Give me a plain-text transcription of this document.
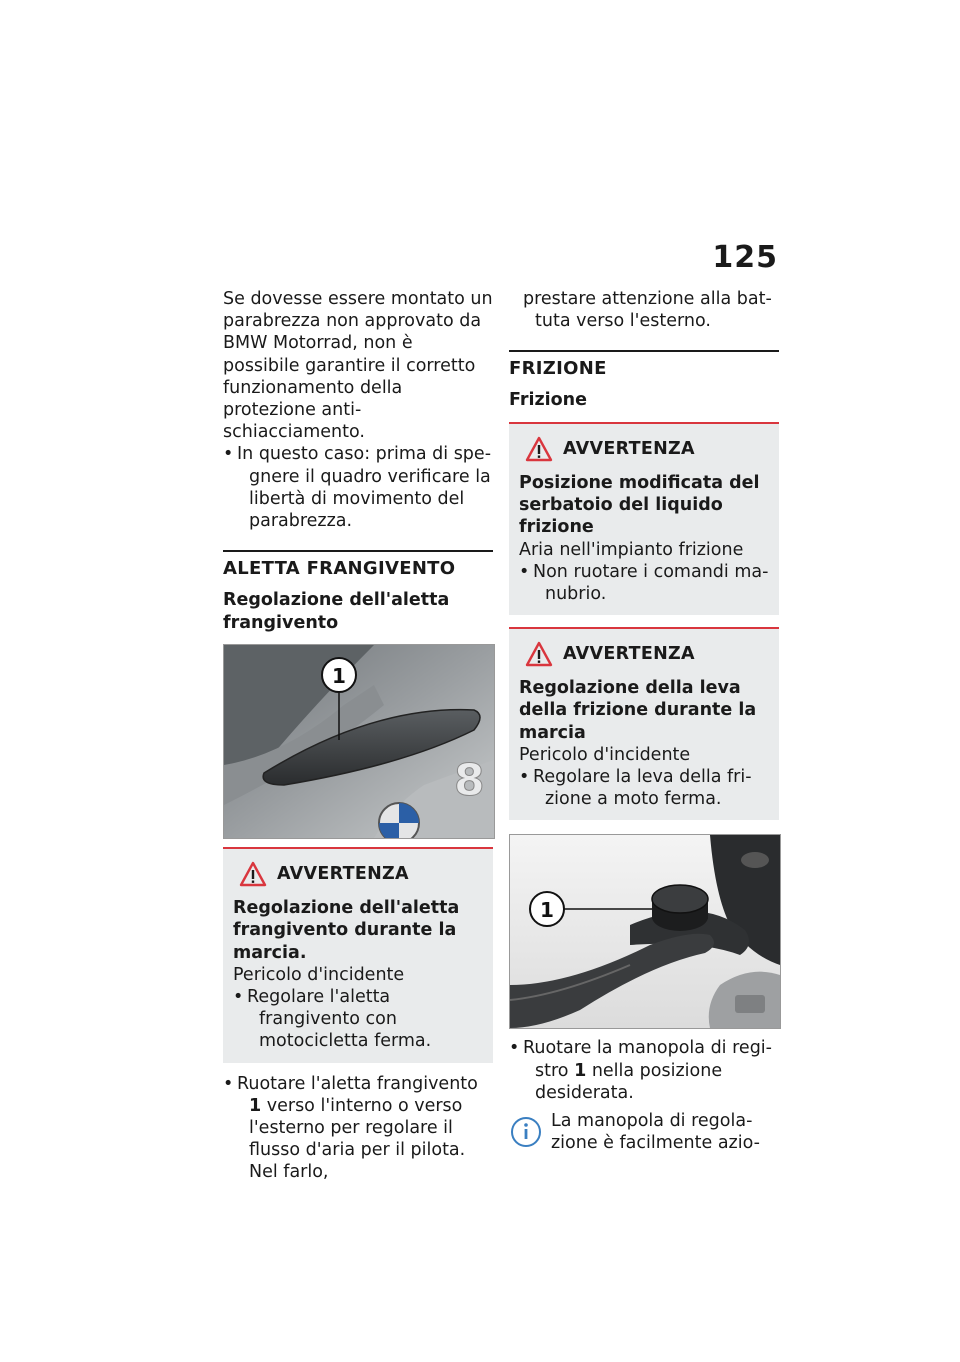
125

Se dovesse essere montato un parabrezza non approvato da BMW Motorrad, non è possibile garantire il corretto funzionamento della protezione antischiacciamento.

• In questo caso: prima di spegnere il quadro verificare la libertà di movimento del parabrezza.
ALETTA FRANGIVENTO
Regolazione dell'aletta frangivento
8
1
AVVERTENZA

Regolazione dell'aletta frangivento durante la marcia.

Pericolo d'incidente

• Regolare l'aletta frangivento con motocicletta ferma.
• Ruotare l'aletta frangivento 1 verso l'interno o verso l'esterno per regolare il flusso d'aria per il pilota. Nel farlo,
prestare attenzione alla battuta verso l'esterno.
FRIZIONE
Frizione
AVVERTENZA

Posizione modificata del serbatoio del liquido frizione

Aria nell'impianto frizione

• Non ruotare i comandi manubrio.
AVVERTENZA

Regolazione della leva della frizione durante la marcia

Pericolo d'incidente

• Regolare la leva della frizione a moto ferma.
1
• Ruotare la manopola di registro 1 nella posizione desiderata.

La manopola di regolazione è facilmente azio-
